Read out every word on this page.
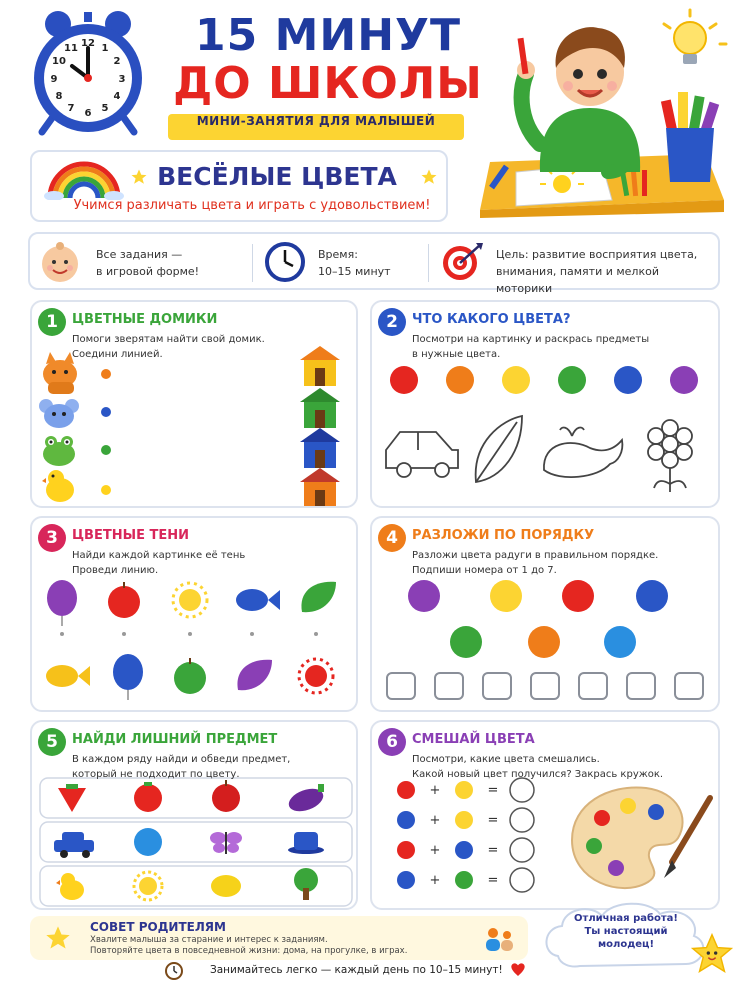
12 1
2
3
4
5
6
7
8
9
10
11	15 МИНУТ
ДО ШКОЛЫ
МИНИ-ЗАНЯТИЯ ДЛЯ МАЛЫШЕЙ
ВЕСЁЛЫЕ ЦВЕТА
Учимся различать цвета и играть с удовольствием!
Все задания —
в игровой форме!
Время:
10–15 минут
Цель: развитие восприятия цвета,
внимания, памяти и мелкой моторики
1	ЦВЕТНЫЕ ДОМИКИ
Помоги зверятам найти свой домик.
Соедини линией.
2	ЧТО КАКОГО ЦВЕТА?
Посмотри на картинку и раскрась предметы
в нужные цвета.
3	ЦВЕТНЫЕ ТЕНИ
Найди каждой картинке её тень
Проведи линию.
4	РАЗЛОЖИ ПО ПОРЯДКУ
Разложи цвета радуги в правильном порядке.
Подпиши номера от 1 до 7.
5	НАЙДИ ЛИШНИЙ ПРЕДМЕТ
В каждом ряду найди и обведи предмет,
который не подходит по цвету.
+	=
+	=
+	=
+	=
6	СМЕШАЙ ЦВЕТА
Посмотри, какие цвета смешались.
Какой новый цвет получился? Закрась кружок.
СОВЕТ РОДИТЕЛЯМ
Хвалите малыша за старание и интерес к заданиям.
Повторяйте цвета в повседневной жизни: дома, на прогулке, в играх.
Отличная работа!
Ты настоящий
молодец!
Занимайтесь легко — каждый день по 10–15 минут!
